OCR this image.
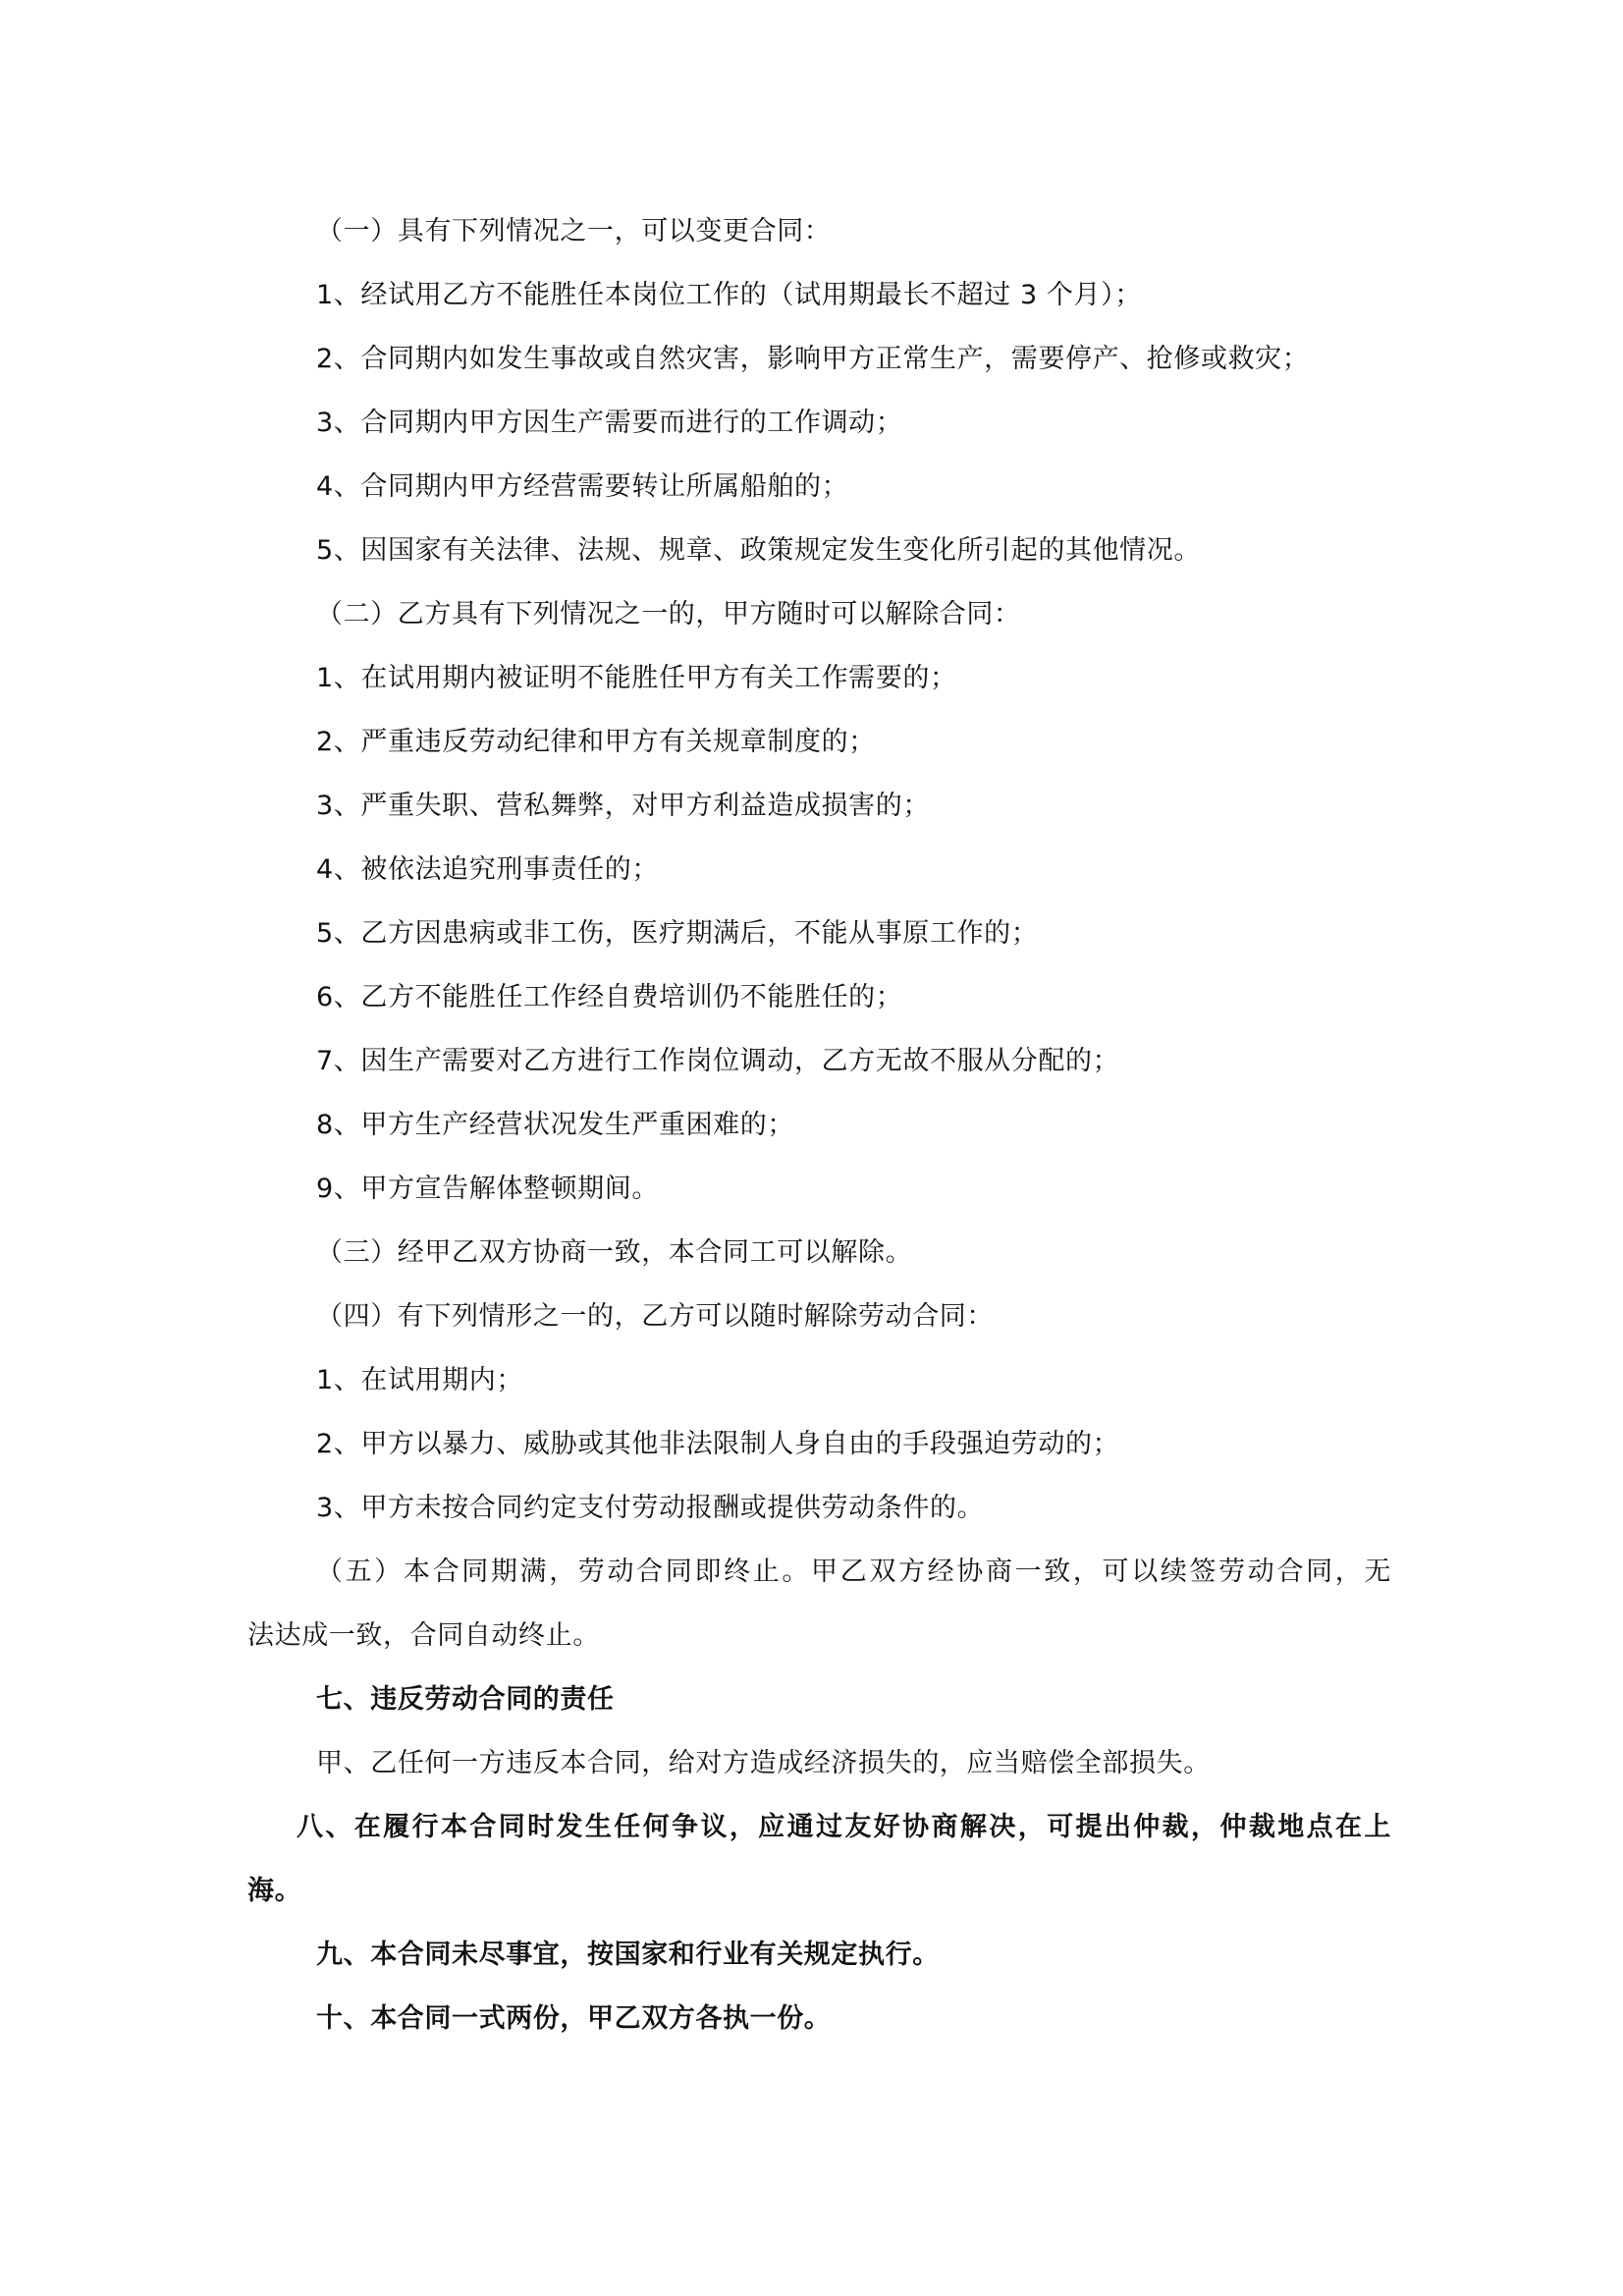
（一）具有下列情况之一，可以变更合同：
1、经试用乙方不能胜任本岗位工作的（试用期最长不超过 3 个月）；
2、合同期内如发生事故或自然灾害，影响甲方正常生产，需要停产、抢修或救灾；
3、合同期内甲方因生产需要而进行的工作调动；
4、合同期内甲方经营需要转让所属船舶的；
5、因国家有关法律、法规、规章、政策规定发生变化所引起的其他情况。
（二）乙方具有下列情况之一的，甲方随时可以解除合同：
1、在试用期内被证明不能胜任甲方有关工作需要的；
2、严重违反劳动纪律和甲方有关规章制度的；
3、严重失职、营私舞弊，对甲方利益造成损害的；
4、被依法追究刑事责任的；
5、乙方因患病或非工伤，医疗期满后，不能从事原工作的；
6、乙方不能胜任工作经自费培训仍不能胜任的；
7、因生产需要对乙方进行工作岗位调动，乙方无故不服从分配的；
8、甲方生产经营状况发生严重困难的；
9、甲方宣告解体整顿期间。
（三）经甲乙双方协商一致，本合同工可以解除。
（四）有下列情形之一的，乙方可以随时解除劳动合同：
1、在试用期内；
2、甲方以暴力、威胁或其他非法限制人身自由的手段强迫劳动的；
3、甲方未按合同约定支付劳动报酬或提供劳动条件的。
（五）本合同期满，劳动合同即终止。甲乙双方经协商一致，可以续签劳动合同，无
法达成一致，合同自动终止。
七、违反劳动合同的责任
甲、乙任何一方违反本合同，给对方造成经济损失的，应当赔偿全部损失。
八、在履行本合同时发生任何争议，应通过友好协商解决，可提出仲裁，仲裁地点在上
海。
九、本合同未尽事宜，按国家和行业有关规定执行。
十、本合同一式两份，甲乙双方各执一份。
